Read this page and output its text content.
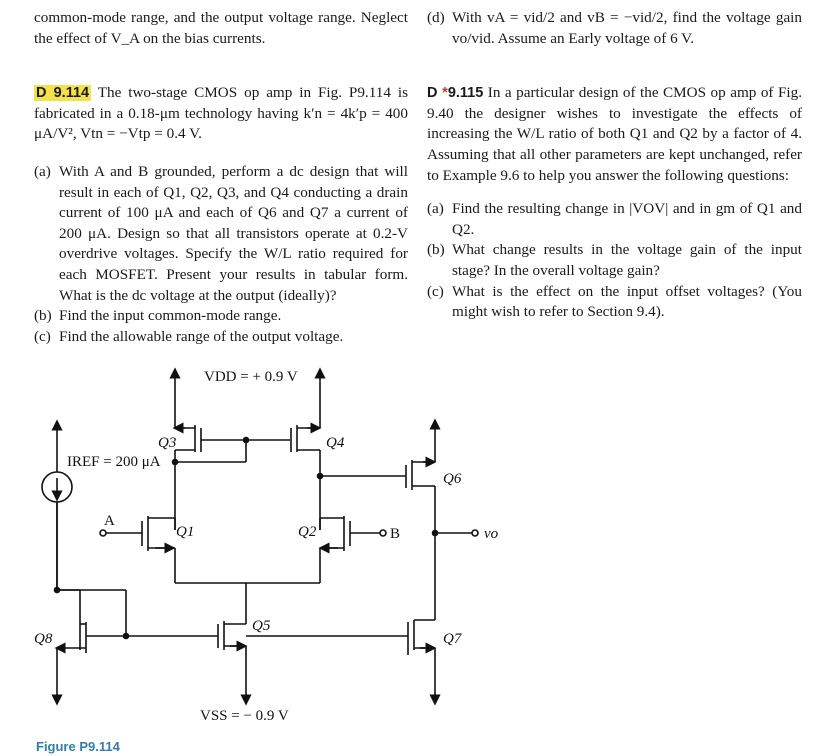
common-mode range, and the output voltage range. Neglect the effect of V_A on the bias currents.

D 9.114 The two-stage CMOS op amp in Fig. P9.114 is fabricated in a 0.18-μm technology having k′n = 4k′p = 400 μA/V², Vtn = −Vtp = 0.4 V.

(a) With A and B grounded, perform a dc design that will result in each of Q1, Q2, Q3, and Q4 conducting a drain current of 100 μA and each of Q6 and Q7 a current of 200 μA. Design so that all transistors operate at 0.2-V overdrive voltages. Specify the W/L ratio required for each MOSFET. Present your results in tabular form. What is the dc voltage at the output (ideally)?
(b) Find the input common-mode range.
(c) Find the allowable range of the output voltage.
(d) With vA = vid/2 and vB = −vid/2, find the voltage gain vo/vid. Assume an Early voltage of 6 V.

D *9.115 In a particular design of the CMOS op amp of Fig. 9.40 the designer wishes to investigate the effects of increasing the W/L ratio of both Q1 and Q2 by a factor of 4. Assuming that all other parameters are kept unchanged, refer to Example 9.6 to help you answer the following questions:

(a) Find the resulting change in |VOV| and in gm of Q1 and Q2.
(b) What change results in the voltage gain of the input stage? In the overall voltage gain?
(c) What is the effect on the input offset voltages? (You might wish to refer to Section 9.4).
VDD = + 0.9 V
VSS = − 0.9 V
IREF = 200 μA
A
B	vo
Q3	Q4
Q1	Q2
Q5
Q6
Q7
Q8
Figure P9.114
